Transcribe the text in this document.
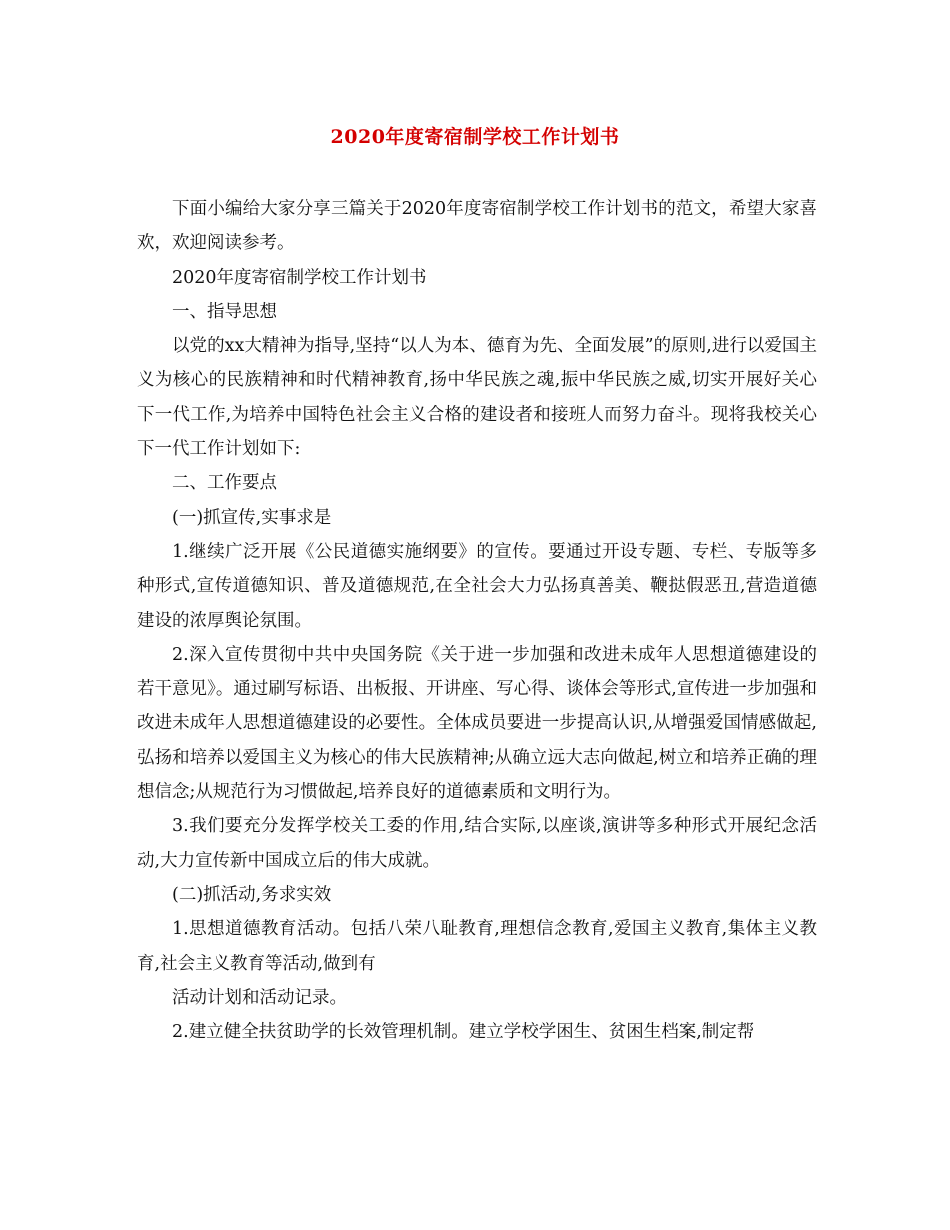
2020年度寄宿制学校工作计划书

下面小编给大家分享三篇关于2020年度寄宿制学校工作计划书的范文，希望大家喜欢，欢迎阅读参考。

2020年度寄宿制学校工作计划书

一、指导思想

以党的xx大精神为指导,坚持“以人为本、德育为先、全面发展”的原则,进行以爱国主义为核心的民族精神和时代精神教育,扬中华民族之魂,振中华民族之威,切实开展好关心下一代工作,为培养中国特色社会主义合格的建设者和接班人而努力奋斗。现将我校关心下一代工作计划如下:

二、工作要点

(一)抓宣传,实事求是

1.继续广泛开展《公民道德实施纲要》的宣传。要通过开设专题、专栏、专版等多种形式,宣传道德知识、普及道德规范,在全社会大力弘扬真善美、鞭挞假恶丑,营造道德建设的浓厚舆论氛围。

2.深入宣传贯彻中共中央国务院《关于进一步加强和改进未成年人思想道德建设的若干意见》。通过刷写标语、出板报、开讲座、写心得、谈体会等形式,宣传进一步加强和改进未成年人思想道德建设的必要性。全体成员要进一步提高认识,从增强爱国情感做起,弘扬和培养以爱国主义为核心的伟大民族精神;从确立远大志向做起,树立和培养正确的理想信念;从规范行为习惯做起,培养良好的道德素质和文明行为。

3.我们要充分发挥学校关工委的作用,结合实际,以座谈,演讲等多种形式开展纪念活动,大力宣传新中国成立后的伟大成就。

(二)抓活动,务求实效

1.思想道德教育活动。包括八荣八耻教育,理想信念教育,爱国主义教育,集体主义教育,社会主义教育等活动,做到有

活动计划和活动记录。

2.建立健全扶贫助学的长效管理机制。建立学校学困生、贫困生档案,制定帮
